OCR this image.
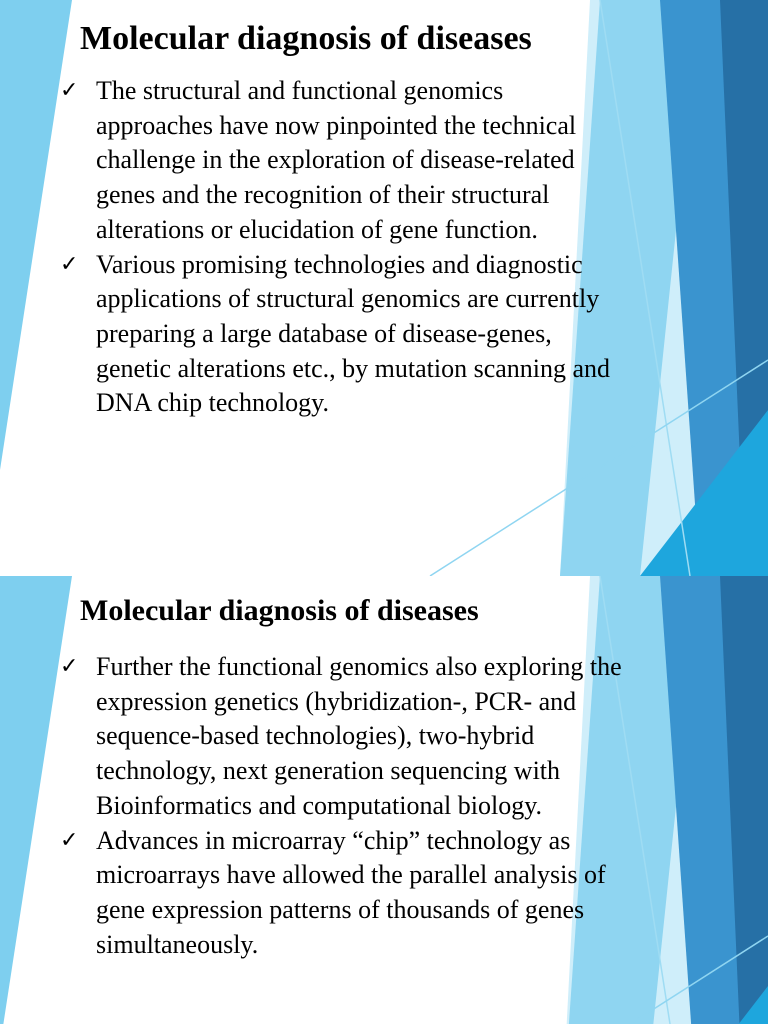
Molecular diagnosis of diseases
✓ The structural and functional genomics approaches have now pinpointed the technical challenge in the exploration of disease-related genes and the recognition of their structural alterations or elucidation of gene function.
✓ Various promising technologies and diagnostic applications of structural genomics are currently preparing a large database of disease-genes, genetic alterations etc., by mutation scanning and DNA chip technology.
Molecular diagnosis of diseases
✓ Further the functional genomics also exploring the expression genetics (hybridization-, PCR- and sequence-based technologies), two-hybrid technology, next generation sequencing with Bioinformatics and computational biology.
✓ Advances in microarray “chip” technology as microarrays have allowed the parallel analysis of gene expression patterns of thousands of genes simultaneously.
